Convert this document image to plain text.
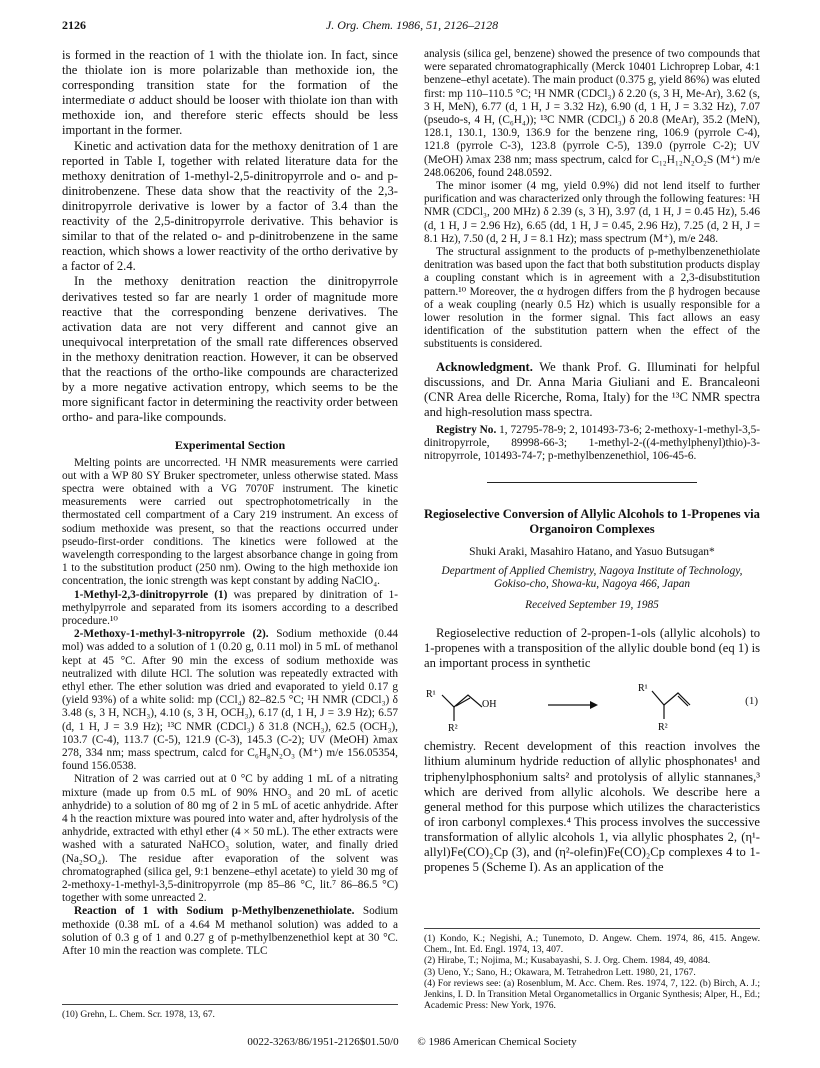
2126	J. Org. Chem. 1986, 51, 2126–2128

is formed in the reaction of 1 with the thiolate ion. In fact, since the thiolate ion is more polarizable than methoxide ion, the corresponding transition state for the formation of the intermediate σ adduct should be looser with thiolate ion than with methoxide ion, and therefore steric effects should be less important in the former.

Kinetic and activation data for the methoxy denitration of 1 are reported in Table I, together with related literature data for the methoxy denitration of 1-methyl-2,5-dinitropyrrole and o- and p-dinitrobenzene. These data show that the reactivity of the 2,3-dinitropyrrole derivative is lower by a factor of 3.4 than the reactivity of the 2,5-dinitropyrrole derivative. This behavior is similar to that of the related o- and p-dinitrobenzene in the same reaction, which shows a lower reactivity of the ortho derivative by a factor of 2.4.

In the methoxy denitration reaction the dinitropyrrole derivatives tested so far are nearly 1 order of magnitude more reactive that the corresponding benzene derivatives. The activation data are not very different and cannot give an unequivocal interpretation of the small rate differences observed in the methoxy denitration reaction. However, it can be observed that the reactions of the ortho-like compounds are characterized by a more negative activation entropy, which seems to be the more significant factor in determining the reactivity order between ortho- and para-like compounds.

Experimental Section

Melting points are uncorrected. ¹H NMR measurements were carried out with a WP 80 SY Bruker spectrometer, unless otherwise stated. Mass spectra were obtained with a VG 7070F instrument. The kinetic measurements were carried out spectrophotometrically in the thermostated cell compartment of a Cary 219 instrument. An excess of sodium methoxide was present, so that the reactions occurred under pseudo-first-order conditions. The kinetics were followed at the wavelength corresponding to the largest absorbance change in going from 1 to the substitution product (250 nm). Owing to the high methoxide ion concentration, the ionic strength was kept constant by adding NaClO₄.

1-Methyl-2,3-dinitropyrrole (1) was prepared by dinitration of 1-methylpyrrole and separated from its isomers according to a described procedure.¹⁰

2-Methoxy-1-methyl-3-nitropyrrole (2). Sodium methoxide (0.44 mol) was added to a solution of 1 (0.20 g, 0.11 mol) in 5 mL of methanol kept at 45 °C. After 90 min the excess of sodium methoxide was neutralized with dilute HCl. The solution was repeatedly extracted with ethyl ether. The ether solution was dried and evaporated to yield 0.17 g (yield 93%) of a white solid: mp (CCl₄) 82–82.5 °C; ¹H NMR (CDCl₃) δ 3.48 (s, 3 H, NCH₃), 4.10 (s, 3 H, OCH₃), 6.17 (d, 1 H, J = 3.9 Hz); 6.57 (d, 1 H, J = 3.9 Hz); ¹³C NMR (CDCl₃) δ 31.8 (NCH₃), 62.5 (OCH₃), 103.7 (C-4), 113.7 (C-5), 121.9 (C-3), 145.3 (C-2); UV (MeOH) λmax 278, 334 nm; mass spectrum, calcd for C₆H₈N₂O₃ (M⁺) m/e 156.05354, found 156.0538.

Nitration of 2 was carried out at 0 °C by adding 1 mL of a nitrating mixture (made up from 0.5 mL of 90% HNO₃ and 20 mL of acetic anhydride) to a solution of 80 mg of 2 in 5 mL of acetic anhydride. After 4 h the reaction mixture was poured into water and, after hydrolysis of the anhydride, extracted with ethyl ether (4 × 50 mL). The ether extracts were washed with a saturated NaHCO₃ solution, water, and finally dried (Na₂SO₄). The residue after evaporation of the solvent was chromatographed (silica gel, 9:1 benzene–ethyl acetate) to yield 30 mg of 2-methoxy-1-methyl-3,5-dinitropyrrole (mp 85–86 °C, lit.⁷ 86–86.5 °C) together with some unreacted 2.

Reaction of 1 with Sodium p-Methylbenzenethiolate. Sodium methoxide (0.38 mL of a 4.64 M methanol solution) was added to a solution of 0.3 g of 1 and 0.27 g of p-methylbenzenethiol kept at 30 °C. After 10 min the reaction was complete. TLC

analysis (silica gel, benzene) showed the presence of two compounds that were separated chromatographically (Merck 10401 Lichroprep Lobar, 4:1 benzene–ethyl acetate). The main product (0.375 g, yield 86%) was eluted first: mp 110–110.5 °C; ¹H NMR (CDCl₃) δ 2.20 (s, 3 H, Me-Ar), 3.62 (s, 3 H, MeN), 6.77 (d, 1 H, J = 3.32 Hz), 6.90 (d, 1 H, J = 3.32 Hz), 7.07 (pseudo-s, 4 H, (C₆H₄)); ¹³C NMR (CDCl₃) δ 20.8 (MeAr), 35.2 (MeN), 128.1, 130.1, 130.9, 136.9 for the benzene ring, 106.9 (pyrrole C-4), 121.8 (pyrrole C-3), 123.8 (pyrrole C-5), 139.0 (pyrrole C-2); UV (MeOH) λmax 238 nm; mass spectrum, calcd for C₁₂H₁₂N₂O₂S (M⁺) m/e 248.06206, found 248.0592.

The minor isomer (4 mg, yield 0.9%) did not lend itself to further purification and was characterized only through the following features: ¹H NMR (CDCl₃, 200 MHz) δ 2.39 (s, 3 H), 3.97 (d, 1 H, J = 0.45 Hz), 5.46 (d, 1 H, J = 2.96 Hz), 6.65 (dd, 1 H, J = 0.45, 2.96 Hz), 7.25 (d, 2 H, J = 8.1 Hz), 7.50 (d, 2 H, J = 8.1 Hz); mass spectrum (M⁺), m/e 248.

The structural assignment to the products of p-methylbenzenethiolate denitration was based upon the fact that both substitution products display a coupling constant which is in agreement with a 2,3-disubstitution pattern.¹⁰ Moreover, the α hydrogen differs from the β hydrogen because of a weak coupling (nearly 0.5 Hz) which is usually responsible for a lower resolution in the former signal. This fact allows an easy identification of the substitution pattern when the effect of the substituents is considered.

Acknowledgment. We thank Prof. G. Illuminati for helpful discussions, and Dr. Anna Maria Giuliani and E. Brancaleoni (CNR Area delle Ricerche, Roma, Italy) for the ¹³C NMR spectra and high-resolution mass spectra.

Registry No. 1, 72795-78-9; 2, 101493-73-6; 2-methoxy-1-methyl-3,5-dinitropyrrole, 89998-66-3; 1-methyl-2-((4-methylphenyl)thio)-3-nitropyrrole, 101493-74-7; p-methylbenzenethiol, 106-45-6.

Regioselective Conversion of Allylic Alcohols to 1-Propenes via Organoiron Complexes
Shuki Araki, Masahiro Hatano, and Yasuo Butsugan*
Department of Applied Chemistry, Nagoya Institute of Technology, Gokiso-cho, Showa-ku, Nagoya 466, Japan
Received September 19, 1985

Regioselective reduction of 2-propen-1-ols (allylic alcohols) to 1-propenes with a transposition of the allylic double bond (eq 1) is an important process in synthetic

R¹
OH
R²
R¹
R²
(1)

chemistry. Recent development of this reaction involves the lithium aluminum hydride reduction of allylic phosphonates¹ and triphenylphosphonium salts² and protolysis of allylic stannanes,³ which are derived from allylic alcohols. We describe here a general method for this purpose which utilizes the characteristics of iron carbonyl complexes.⁴ This process involves the successive transformation of allylic alcohols 1, via allylic phosphates 2, (η¹-allyl)Fe(CO)₂Cp (3), and (η²-olefin)Fe(CO)₂Cp complexes 4 to 1-propenes 5 (Scheme I). As an application of the

(1) Kondo, K.; Negishi, A.; Tunemoto, D. Angew. Chem. 1974, 86, 415. Angew. Chem., Int. Ed. Engl. 1974, 13, 407.
(2) Hirabe, T.; Nojima, M.; Kusabayashi, S. J. Org. Chem. 1984, 49, 4084.
(3) Ueno, Y.; Sano, H.; Okawara, M. Tetrahedron Lett. 1980, 21, 1767.
(4) For reviews see: (a) Rosenblum, M. Acc. Chem. Res. 1974, 7, 122. (b) Birch, A. J.; Jenkins, I. D. In Transition Metal Organometallics in Organic Synthesis; Alper, H., Ed.; Academic Press: New York, 1976.
(10) Grehn, L. Chem. Scr. 1978, 13, 67.
0022-3263/86/1951-2126$01.50/0 © 1986 American Chemical Society
